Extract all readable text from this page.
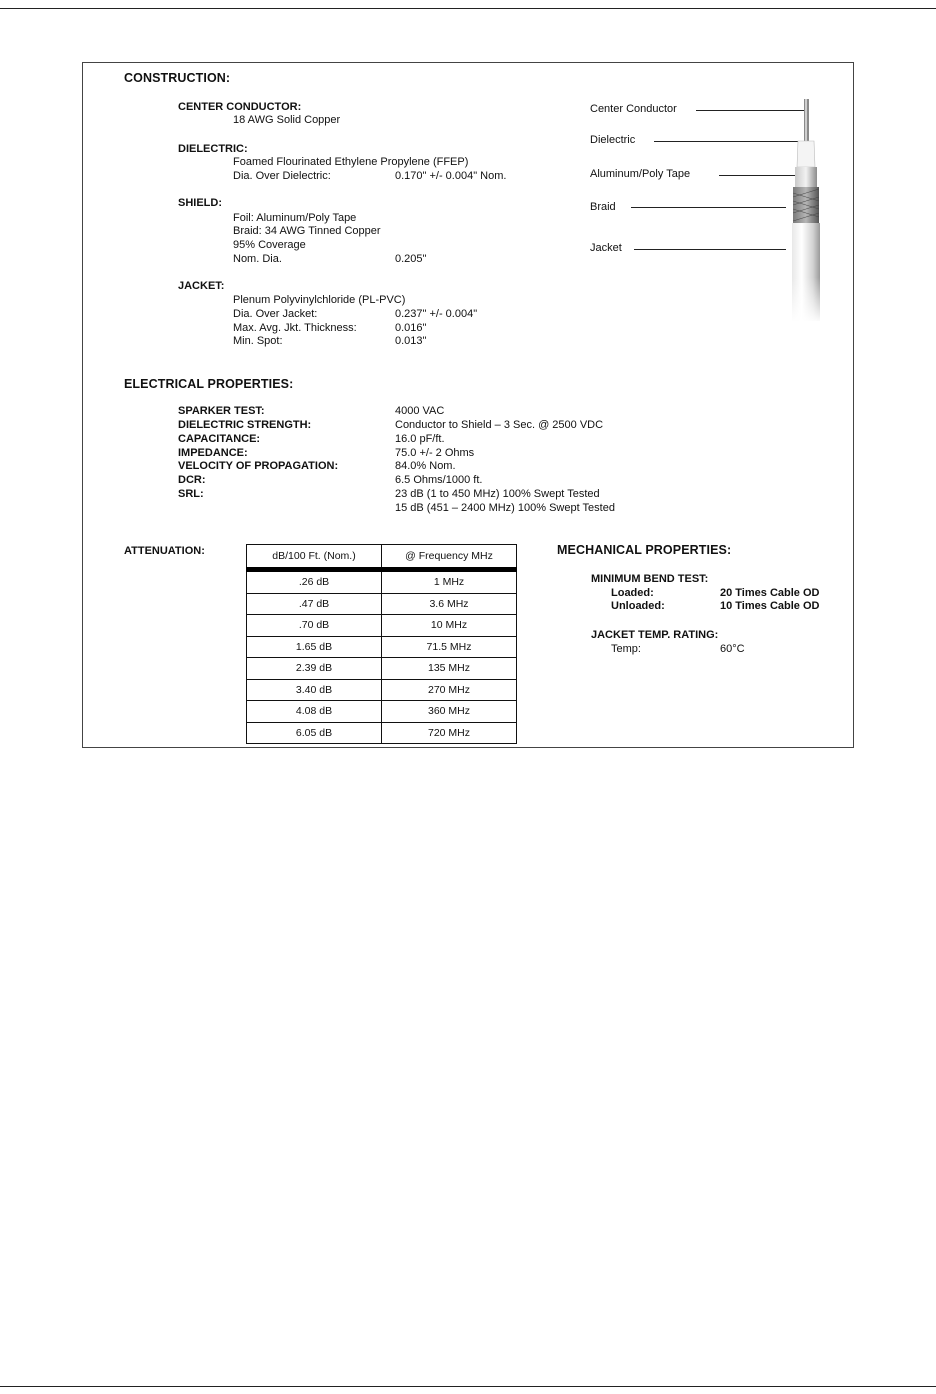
CONSTRUCTION:
CENTER CONDUCTOR:
18 AWG Solid Copper
DIELECTRIC:
Foamed Flourinated Ethylene Propylene (FFEP)
Dia. Over Dielectric:	0.170" +/- 0.004" Nom.
SHIELD:
Foil: Aluminum/Poly Tape
Braid: 34 AWG Tinned Copper
95% Coverage
Nom. Dia.	0.205"
JACKET:
Plenum Polyvinylchloride (PL-PVC)
Dia. Over Jacket:	0.237" +/- 0.004"
Max. Avg. Jkt. Thickness:	0.016"
Min. Spot:	0.013"
Center Conductor
Dielectric
Aluminum/Poly Tape
Braid
Jacket
ELECTRICAL PROPERTIES:
SPARKER TEST:	4000 VAC
DIELECTRIC STRENGTH:	Conductor to Shield – 3 Sec. @ 2500 VDC
CAPACITANCE:	16.0 pF/ft.
IMPEDANCE:	75.0 +/- 2 Ohms
VELOCITY OF PROPAGATION:	84.0% Nom.
DCR:	6.5 Ohms/1000 ft.
SRL:	23 dB (1 to 450 MHz) 100% Swept Tested
15 dB (451 – 2400 MHz) 100% Swept Tested
ATTENUATION:	dB/100 Ft. (Nom.)	@ Frequency MHz
.26 dB	1 MHz
.47 dB	3.6 MHz
.70 dB	10 MHz
1.65 dB	71.5 MHz
2.39 dB	135 MHz
3.40 dB	270 MHz
4.08 dB	360 MHz
6.05 dB	720 MHz
MECHANICAL PROPERTIES:
MINIMUM BEND TEST:
Loaded:	20 Times Cable OD
Unloaded:	10 Times Cable OD
JACKET TEMP. RATING:
Temp:	60°C
